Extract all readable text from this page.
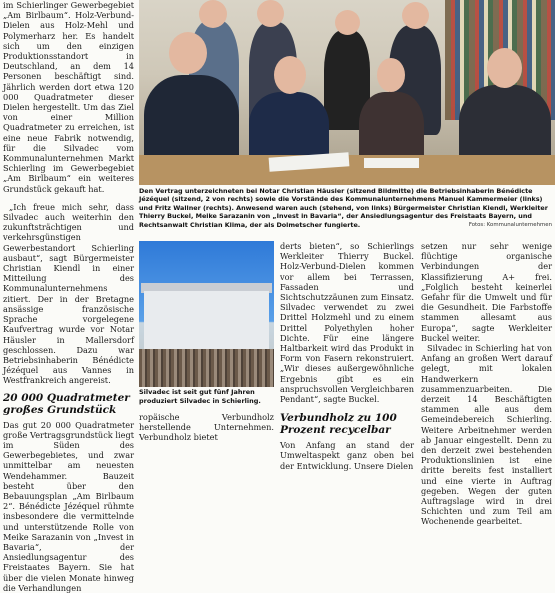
im Schierlinger Gewerbegebiet „Am Birlbaum“. Holz-Verbund-Dielen aus Holz-Mehl und Polymerharz her. Es handelt sich um den einzigen Produktionsstandort in Deutschland, an dem 14 Personen beschäftigt sind. Jährlich werden dort etwa 120 000 Quadratmeter dieser Dielen hergestellt. Um das Ziel von einer Million Quadratmeter zu erreichen, ist eine neue Fabrik notwendig, für die Silvadec vom Kommunalunternehmen Markt Schierling im Gewerbegebiet „Am Birlbaum“ ein weiteres Grundstück gekauft hat.

„Ich freue mich sehr, dass Silvadec auch weiterhin den zukunftsträchtigen und verkehrsgünstigen Gewerbestandort Schierling ausbaut“, sagt Bürgermeister Christian Kiendl in einer Mitteilung des Kommunalunternehmens zitiert. Der in der Bretagne ansässige französische Sprache vorgelegene Kaufvertrag wurde vor Notar Häusler in Mallersdorf geschlossen. Dazu war Betriebsinhaberin Bénédicte Jézéquel aus Vannes in Westfrankreich angereist.

20 000 Quadratmeter großes Grundstück

Das gut 20 000 Quadratmeter große Vertragsgrundstück liegt im Süden des Gewerbegebietes, und zwar unmittelbar am neuesten Wendehammer. Bauzeit besteht über den Bebauungsplan „Am Birlbaum 2“. Bénédicte Jézéquel rühmte insbesondere die vermittelnde und unterstützende Rolle von Meike Sarazanin von „Invest in Bavaria“, der Ansiedlungsagentur des Freistaates Bayern. Sie hat über die vielen Monate hinweg die Verhandlungen

Den Vertrag unterzeichneten bei Notar Christian Häusler (sitzend Bildmitte) die Betriebsinhaberin Bénédicte Jézéquel (sitzend, 2 von rechts) sowie die Vorstände des Kommunalunternehmens Manuel Kammermeier (links) und Fritz Wallner (rechts). Anwesend waren auch (stehend, von links) Bürgermeister Christian Kiendl, Werkleiter Thierry Buckel, Meike Sarazanin von „Invest in Bavaria“, der Ansiedlungsagentur des Freistaats Bayern, und Rechtsanwalt Christian Klima, der als Dolmetscher fungierte.	Fotos: Kommunalunternehmen
Silvadec ist seit gut fünf Jahren produziert Silvadec in Schierling.

ropäische Verbundholz herstellende Unternehmen. Verbundholz bietet

derts bieten“, so Schierlings Werkleiter Thierry Buckel. Holz-Verbund-Dielen kommen vor allem bei Terrassen, Fassaden und Sichtschutzzäunen zum Einsatz. Silvadec verwendet zu zwei Drittel Holzmehl und zu einem Drittel Polyethylen hoher Dichte. Für eine längere Haltbarkeit wird das Produkt in Form von Fasern rekonstruiert. „Wir dieses außergewöhnliche Ergebnis gibt es ein anspruchsvollen Vergleichbaren Pendant“, sagte Buckel.

Verbundholz zu 100 Prozent recycelbar

Von Anfang an stand der Umweltaspekt ganz oben bei der Entwicklung. Unsere Dielen

setzen nur sehr wenige flüchtige organische Verbindungen der Klassifizierung A+ frei. „Folglich besteht keinerlei Gefahr für die Umwelt und für die Gesundheit. Die Farbstoffe stammen allesamt aus Europa“, sagte Werkleiter Buckel weiter.

Silvadec in Schierling hat von Anfang an großen Wert darauf gelegt, mit lokalen Handwerkern zusammenzuarbeiten. Die derzeit 14 Beschäftigten stammen alle aus dem Gemeindebereich Schierling. Weitere Arbeitnehmer werden ab Januar eingestellt. Denn zu den derzeit zwei bestehenden Produktionslinien ist eine dritte bereits fest installiert und eine vierte in Auftrag gegeben. Wegen der guten Auftragslage wird in drei Schichten und zum Teil am Wochenende gearbeitet.
